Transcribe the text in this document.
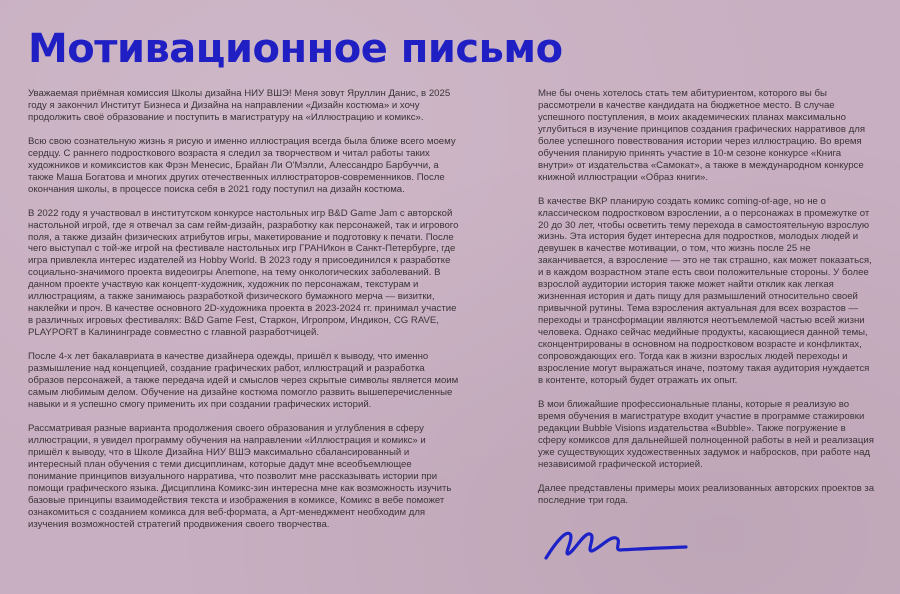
Мотивационное письмо

Уважаемая приёмная комиссия Школы дизайна НИУ ВШЭ! Меня зовут Яруллин Данис, в 2025 году я закончил Институт Бизнеса и Дизайна на направлении «Дизайн костюма» и хочу продолжить своё образование и поступить в магистратуру на «Иллюстрацию и комикс».

Всю свою сознательную жизнь я рисую и именно иллюстрация всегда была ближе всего моему сердцу. С раннего подросткового возраста я следил за творчеством и читал работы таких художников и комиксистов как Фрэн Менесис, Брайан Ли О'Мэлли, Алессандро Барбуччи, а также Маша Богатова и многих других отечественных иллюстраторов-современников. После окончания школы, в процессе поиска себя в 2021 году поступил на дизайн костюма.

В 2022 году я участвовал в институтском конкурсе настольных игр B&D Game Jam с авторской настольной игрой, где я отвечал за сам гейм-дизайн, разработку как персонажей, так и игрового поля, а также дизайн физических атрибутов игры, макетирование и подготовку к печати. После чего выступал с той-же игрой на фестивале настольных игр ГРАНИкон в Санкт-Петербурге, где игра привлекла интерес издателей из Hobby World. В 2023 году я присоединился к разработке социально-значимого проекта видеоигры Anemone, на тему онкологических заболеваний. В данном проекте участвую как концепт-художник, художник по персонажам, текстурам и иллюстрациям, а также занимаюсь разработкой физического бумажного мерча — визитки, наклейки и проч. В качестве основного 2D-художника проекта в 2023-2024 гг. принимал участие в различных игровых фестивалях: B&D Game Fest, Старкон, Игропром, Индикон, CG RAVE, PLAYPORT в Калининграде совместно с главной разработчицей.

После 4-х лет бакалавриата в качестве дизайнера одежды, пришёл к выводу, что именно размышление над концепцией, создание графических работ, иллюстраций и разработка образов персонажей, а также передача идей и смыслов через скрытые символы является моим самым любимым делом. Обучение на дизайне костюма помогло развить вышеперечисленные навыки и я успешно смогу применить их при создании графических историй.

Рассматривая разные варианта продолжения своего образования и углубления в сферу иллюстрации, я увидел программу обучения на направлении «Иллюстрация и комикс» и пришёл к выводу, что в Школе Дизайна НИУ ВШЭ максимально сбалансированный и интересный план обучения с теми дисциплинам, которые дадут мне всеобъемлющее понимание принципов визуального нарратива, что позволит мне рассказывать истории при помощи графического языка. Дисциплина Комикс-зин интересна мне как возможность изучить базовые принципы взаимодействия текста и изображения в комиксе, Комикс в вебе поможет ознакомиться с созданием комикса для веб-формата, а Арт-менеджмент необходим для изучения возможностей стратегий продвижения своего творчества.

Мне бы очень хотелось стать тем абитуриентом, которого вы бы рассмотрели в качестве кандидата на бюджетное место. В случае успешного поступления, в моих академических планах максимально углубиться в изучение принципов создания графических нарративов для более успешного повествования истории через иллюстрацию. Во время обучения планирую принять участие в 10-м сезоне конкурсе «Книга внутри» от издательства «Самокат», а также в международном конкурсе книжной иллюстрации «Образ книги».

В качестве ВКР планирую создать комикс coming-of-age, но не о классическом подростковом взрослении, а о персонажах в промежутке от 20 до 30 лет, чтобы осветить тему перехода в самостоятельную взрослую жизнь. Эта история будет интересна для подростков, молодых людей и девушек в качестве мотивации, о том, что жизнь после 25 не заканчивается, а взросление — это не так страшно, как может показаться, и в каждом возрастном этапе есть свои положительные стороны. У более взрослой аудитории история также может найти отклик как легкая жизненная история и дать пищу для размышлений относительно своей привычной рутины. Тема взросления актуальная для всех возрастов — переходы и трансформации являются неотъемлемой частью всей жизни человека. Однако сейчас медийные продукты, касающиеся данной темы, сконцентрированы в основном на подростковом возрасте и конфликтах, сопровождающих его. Тогда как в жизни взрослых людей переходы и взросление могут выражаться иначе, поэтому такая аудитория нуждается в контенте, который будет отражать их опыт.

В мои ближайшие профессиональные планы, которые я реализую во время обучения в магистратуре входит участие в программе стажировки редакции Bubble Visions издательства «Bubble». Также погружение в сферу комиксов для дальнейшей полноценной работы в ней и реализация уже существующих художественных задумок и набросков, при работе над независимой графической историей.

Далее представлены примеры моих реализованных авторских проектов за последние три года.
